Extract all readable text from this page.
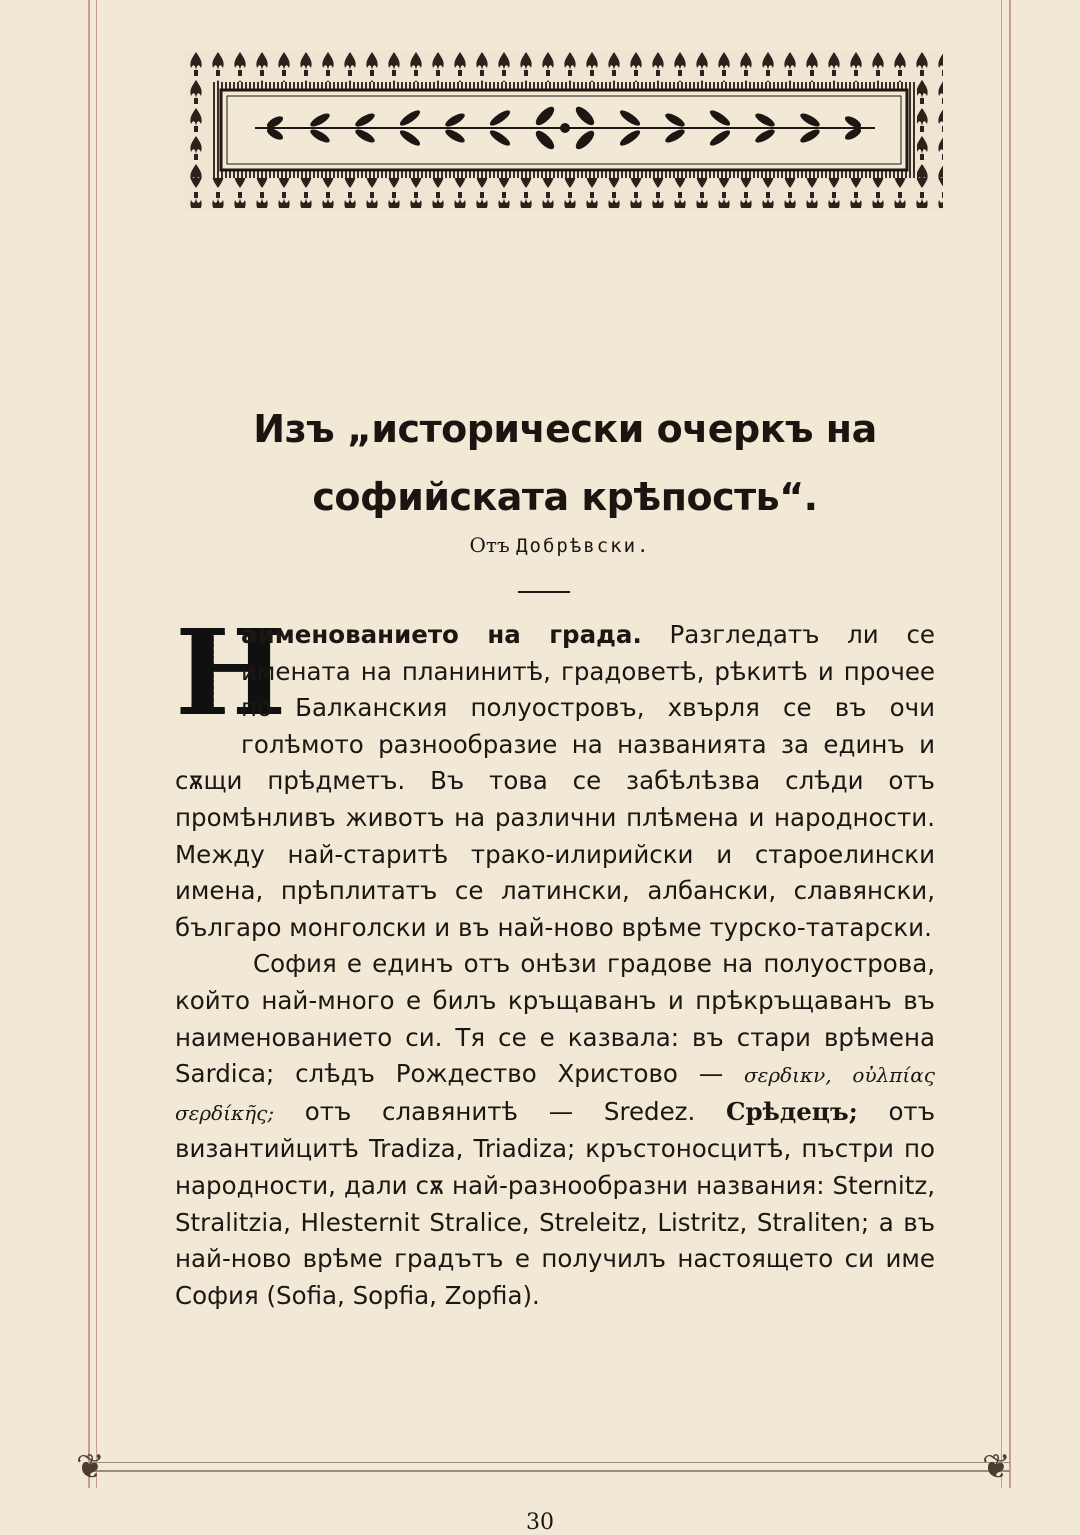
❦	❦
Изъ „исторически очеркъ на софийската крѣпость“.
Отъ Добрѣвски.

Н
аименованието на града. Разгледатъ ли се имената на планинитѣ, градоветѣ, рѣкитѣ и прочее по Балканския полуостровъ, хвърля се въ очи голѣмото разнообразие на названията за единъ и сѫщи прѣдметъ. Въ това се забѣлѣзва слѣди отъ промѣнливъ животъ на различни плѣмена и народности. Между най-старитѣ трако-илирийски и староелински имена, прѣплитатъ се латински, албански, славянски, българо монголски и въ най-ново врѣме турско-татарски.

София е единъ отъ онѣзи градове на полуострова, който най-много е билъ кръщаванъ и прѣкръщаванъ въ наименованието си. Тя се е казвала: въ стари врѣмена Sardica; слѣдъ Рождество Христово — σερδικν, οὐλπίας σερδίκῆς; отъ славянитѣ — Sredez. Срѣдецъ; отъ византийцитѣ Tradiza, Triadiza; кръстоносцитѣ, пъстри по народности, дали сѫ най-разнообразни названия: Sternitz, Stralitzia, Hlesternit Stralice, Streleitz, Listritz, Straliten; а въ най-ново врѣме градътъ е получилъ настоящето си име София (Sofia, Sopfia, Zopfia).

30
